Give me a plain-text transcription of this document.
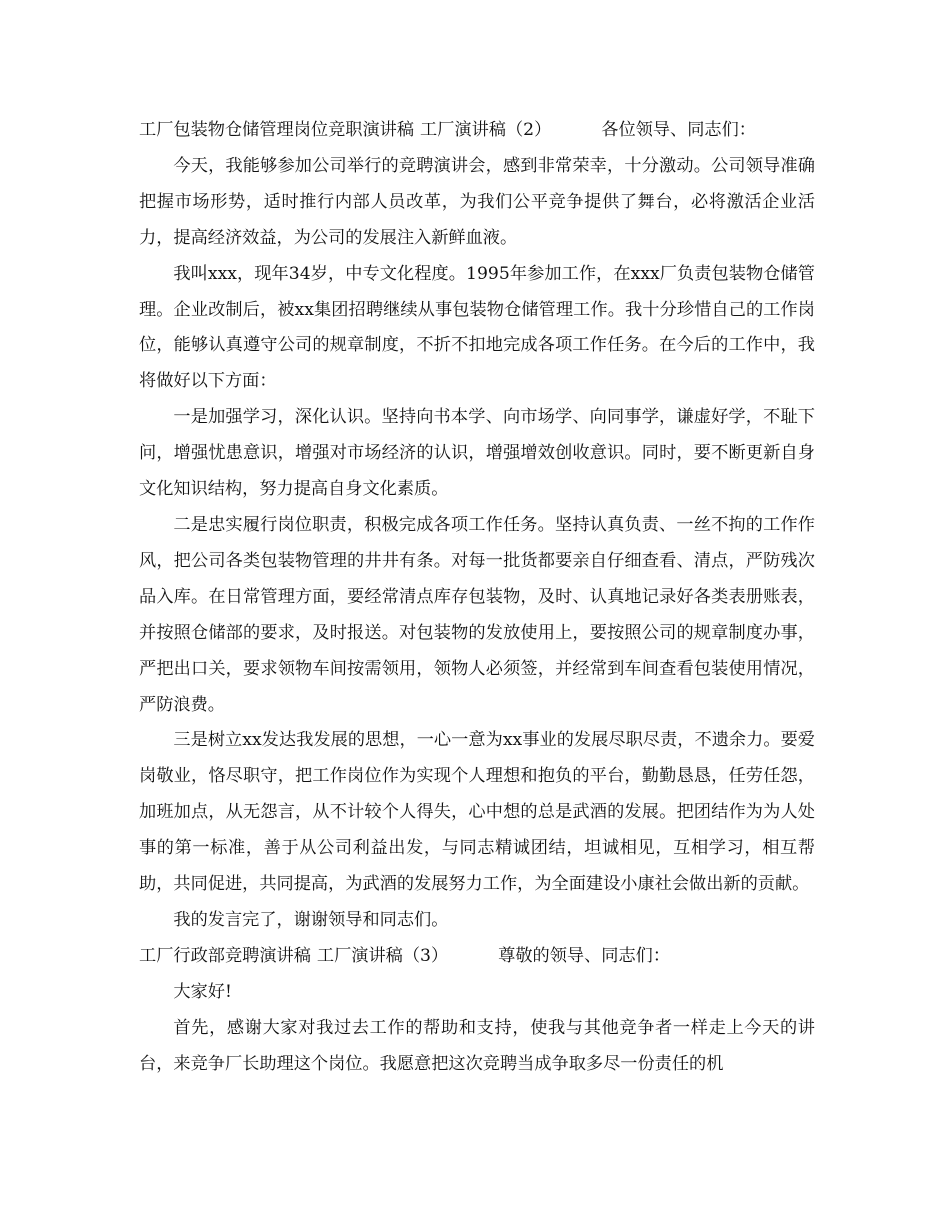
工厂包装物仓储管理岗位竞职演讲稿 工厂演讲稿（2）	各位领导、同志们：

今天，我能够参加公司举行的竞聘演讲会，感到非常荣幸，十分激动。公司领导准确把握市场形势，适时推行内部人员改革，为我们公平竞争提供了舞台，必将激活企业活力，提高经济效益，为公司的发展注入新鲜血液。

我叫xxx，现年34岁，中专文化程度。1995年参加工作，在xxx厂负责包装物仓储管理。企业改制后，被xx集团招聘继续从事包装物仓储管理工作。我十分珍惜自己的工作岗位，能够认真遵守公司的规章制度，不折不扣地完成各项工作任务。在今后的工作中，我将做好以下方面：

一是加强学习，深化认识。坚持向书本学、向市场学、向同事学，谦虚好学，不耻下问，增强忧患意识，增强对市场经济的认识，增强增效创收意识。同时，要不断更新自身文化知识结构，努力提高自身文化素质。

二是忠实履行岗位职责，积极完成各项工作任务。坚持认真负责、一丝不拘的工作作风，把公司各类包装物管理的井井有条。对每一批货都要亲自仔细查看、清点，严防残次品入库。在日常管理方面，要经常清点库存包装物，及时、认真地记录好各类表册账表，并按照仓储部的要求，及时报送。对包装物的发放使用上，要按照公司的规章制度办事，严把出口关，要求领物车间按需领用，领物人必须签，并经常到车间查看包装使用情况，严防浪费。

三是树立xx发达我发展的思想，一心一意为xx事业的发展尽职尽责，不遗余力。要爱岗敬业，恪尽职守，把工作岗位作为实现个人理想和抱负的平台，勤勤恳恳，任劳任怨，加班加点，从无怨言，从不计较个人得失，心中想的总是武酒的发展。把团结作为为人处事的第一标准，善于从公司利益出发，与同志精诚团结，坦诚相见，互相学习，相互帮助，共同促进，共同提高，为武酒的发展努力工作，为全面建设小康社会做出新的贡献。

我的发言完了，谢谢领导和同志们。

工厂行政部竞聘演讲稿 工厂演讲稿（3）	尊敬的领导、同志们：

大家好!

首先，感谢大家对我过去工作的帮助和支持，使我与其他竞争者一样走上今天的讲台，来竞争厂长助理这个岗位。我愿意把这次竞聘当成争取多尽一份责任的机
